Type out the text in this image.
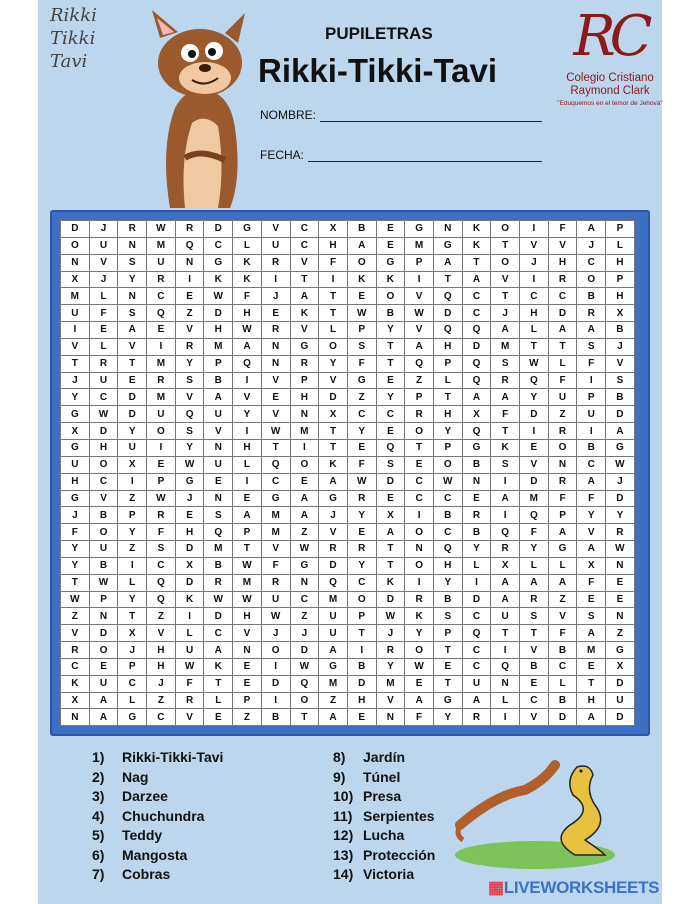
Rikki
Tikki
Tavi
PUPILETRAS
Rikki-Tikki-Tavi
NOMBRE:
FECHA:
RC
Colegio Cristiano
Raymond Clark
"Eduquemos en el temor de Jehová"
D	J	R	W	R	D	G	V	C	X	B	E	G	N	K	O	I	F	A	P
O	U	N	M	Q	C	L	U	C	H	A	E	M	G	K	T	V	V	J	L
N	V	S	U	N	G	K	R	V	F	O	G	P	A	T	O	J	H	C	H
X	J	Y	R	I	K	K	I	T	I	K	K	I	T	A	V	I	R	O	P
M	L	N	C	E	W	F	J	A	T	E	O	V	Q	C	T	C	C	B	H
U	F	S	Q	Z	D	H	E	K	T	W	B	W	D	C	J	H	D	R	X
I	E	A	E	V	H	W	R	V	L	P	Y	V	Q	Q	A	L	A	A	B
V	L	V	I	R	M	A	N	G	O	S	T	A	H	D	M	T	T	S	J
T	R	T	M	Y	P	Q	N	R	Y	F	T	Q	P	Q	S	W	L	F	V
J	U	E	R	S	B	I	V	P	V	G	E	Z	L	Q	R	Q	F	I	S
Y	C	D	M	V	A	V	E	H	D	Z	Y	P	T	A	A	Y	U	P	B
G	W	D	U	Q	U	Y	V	N	X	C	C	R	H	X	F	D	Z	U	D
X	D	Y	O	S	V	I	W	M	T	Y	E	O	Y	Q	T	I	R	I	A
G	H	U	I	Y	N	H	T	I	T	E	Q	T	P	G	K	E	O	B	G
U	O	X	E	W	U	L	Q	O	K	F	S	E	O	B	S	V	N	C	W
H	C	I	P	G	E	I	C	E	A	W	D	C	W	N	I	D	R	A	J
G	V	Z	W	J	N	E	G	A	G	R	E	C	C	E	A	M	F	F	D
J	B	P	R	E	S	A	M	A	J	Y	X	I	B	R	I	Q	P	Y	Y
F	O	Y	F	H	Q	P	M	Z	V	E	A	O	C	B	Q	F	A	V	R
Y	U	Z	S	D	M	T	V	W	R	R	T	N	Q	Y	R	Y	G	A	W
Y	B	I	C	X	B	W	F	G	D	Y	T	O	H	L	X	L	L	X	N
T	W	L	Q	D	R	M	R	N	Q	C	K	I	Y	I	A	A	A	F	E
W	P	Y	Q	K	W	W	U	C	M	O	D	R	B	D	A	R	Z	E	E
Z	N	T	Z	I	D	H	W	Z	U	P	W	K	S	C	U	S	V	S	N
V	D	X	V	L	C	V	J	J	U	T	J	Y	P	Q	T	T	F	A	Z
R	O	J	H	U	A	N	O	D	A	I	R	O	T	C	I	V	B	M	G
C	E	P	H	W	K	E	I	W	G	B	Y	W	E	C	Q	B	C	E	X
K	U	C	J	F	T	E	D	Q	M	D	M	E	T	U	N	E	L	T	D
X	A	L	Z	R	L	P	I	O	Z	H	V	A	G	A	L	C	B	H	U
N	A	G	C	V	E	Z	B	T	A	E	N	F	Y	R	I	V	D	A	D
1) Rikki-Tikki-Tavi
2) Nag
3) Darzee
4) Chuchundra
5) Teddy
6) Mangosta
7) Cobras
8) Jardín
9) Túnel
10) Presa
11) Serpientes
12) Lucha
13) Protección
14) Victoria
▦LIVEWORKSHEETS
